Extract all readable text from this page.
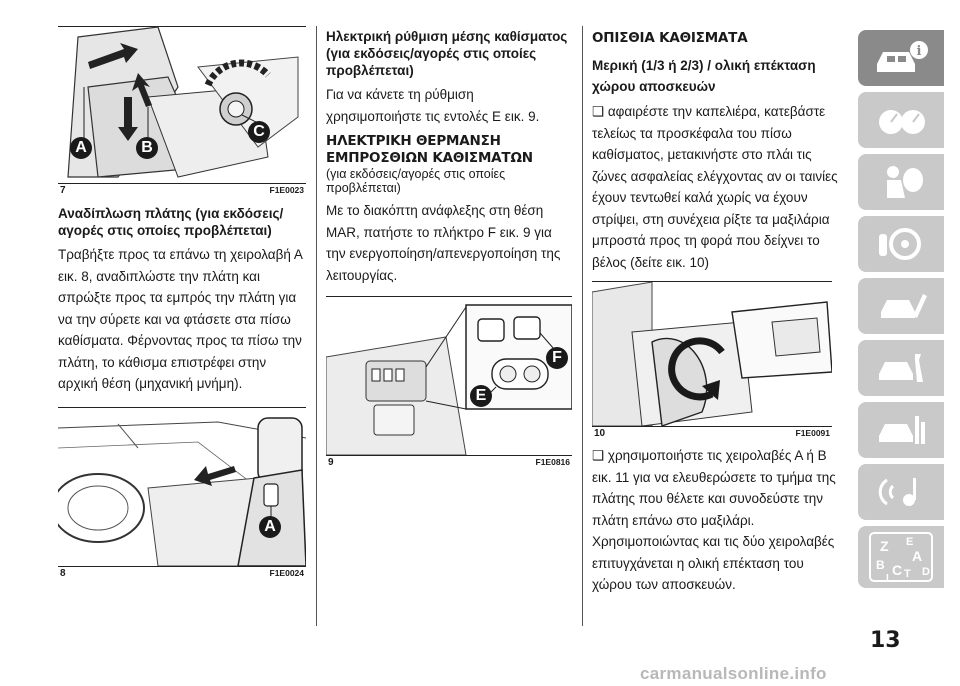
A	B
C
7	F1E0023
Αναδίπλωση πλάτης (για εκδόσεις/ αγορές στις οποίες προβλέπεται)

Τραβήξτε προς τα επάνω τη χειρολαβή Α εικ. 8, αναδιπλώστε την πλάτη και σπρώξτε προς τα εμπρός την πλάτη για να την σύρετε και να φτάσετε στα πίσω καθίσματα. Φέρνοντας προς τα πίσω την πλάτη, το κάθισμα επιστρέφει στην αρχική θέση (μηχανική μνήμη).

A
8	F1E0024
Ηλεκτρική ρύθμιση μέσης καθίσματος (για εκδόσεις/αγορές στις οποίες προβλέπεται)

Για να κάνετε τη ρύθμιση χρησιμοποιήστε τις εντολές Ε εικ. 9.

ΗΛΕΚΤΡΙΚΗ ΘΕΡΜΑΝΣΗ ΕΜΠΡΟΣΘΙΩΝ ΚΑΘΙΣΜΑΤΩΝ
(για εκδόσεις/αγορές στις οποίες προβλέπεται)

Με το διακόπτη ανάφλεξης στη θέση MAR, πατήστε το πλήκτρο F εικ. 9 για την ενεργοποίηση/απενεργοποίηση της λειτουργίας.

E
F
9	F1E0816
ΟΠΙΣΘΙΑ ΚΑΘΙΣΜΑΤΑ
Μερική (1/3 ή 2/3) / ολική επέκταση χώρου αποσκευών

❑ αφαιρέστε την καπελιέρα, κατεβάστε τελείως τα προσκέφαλα του πίσω καθίσματος, μετακινήστε στο πλάι τις ζώνες ασφαλείας ελέγχοντας αν οι ταινίες έχουν τεντωθεί καλά χωρίς να έχουν στρίψει, στη συνέχεια ρίξτε τα μαξιλάρια μπροστά προς τη φορά που δείχνει το βέλος (δείτε εικ. 10)

10	F1E0091

❑ χρησιμοποιήστε τις χειρολαβές Α ή Β εικ. 11 για να ελευθερώσετε το τμήμα της πλάτης που θέλετε και συνοδεύστε την πλάτη επάνω στο μαξιλάρι. Χρησιμοποιώντας και τις δύο χειρολαβές επιτυγχάνεται η ολική επέκταση του χώρου των αποσκευών.

i
Z E
A
B C D
T
I
13
carmanualsonline.info
